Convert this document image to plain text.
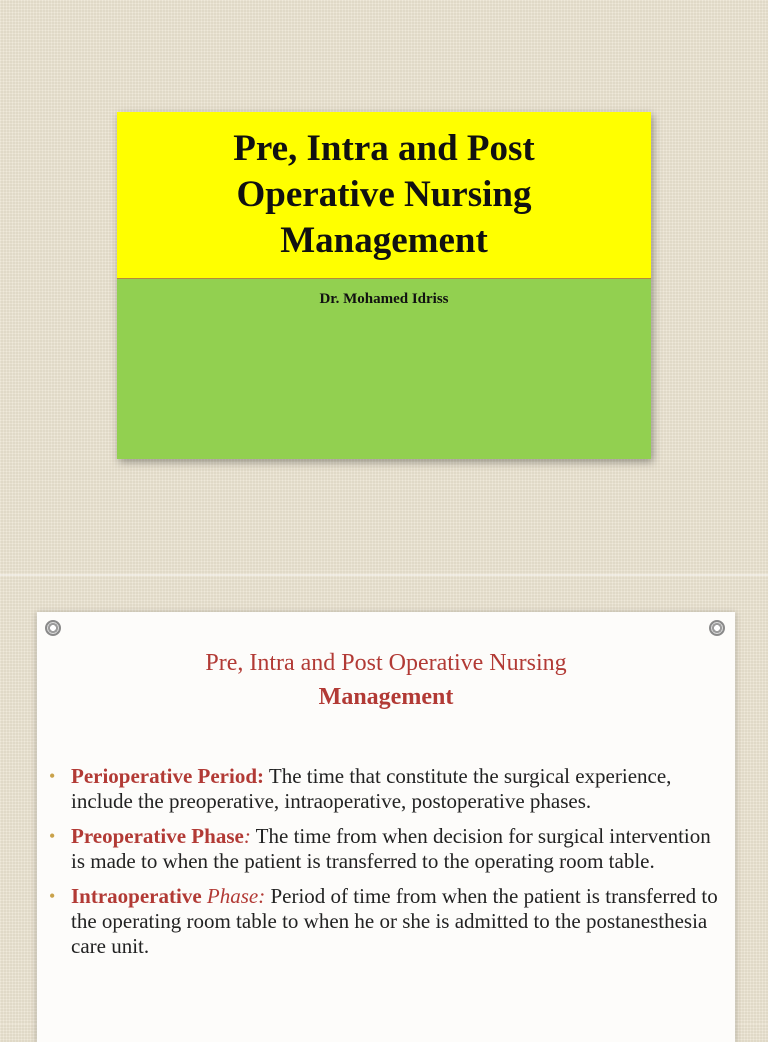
Pre, Intra and Post Operative Nursing Management
Dr. Mohamed Idriss
Pre, Intra and Post Operative Nursing
Management
• Perioperative Period: The time that constitute the surgical experience, include the preoperative, intraoperative, postoperative phases.
• Preoperative Phase: The time from when decision for surgical intervention is made to when the patient is transferred to the operating room table.
• Intraoperative Phase: Period of time from when the patient is transferred to the operating room table to when he or she is admitted to the postanesthesia care unit.
